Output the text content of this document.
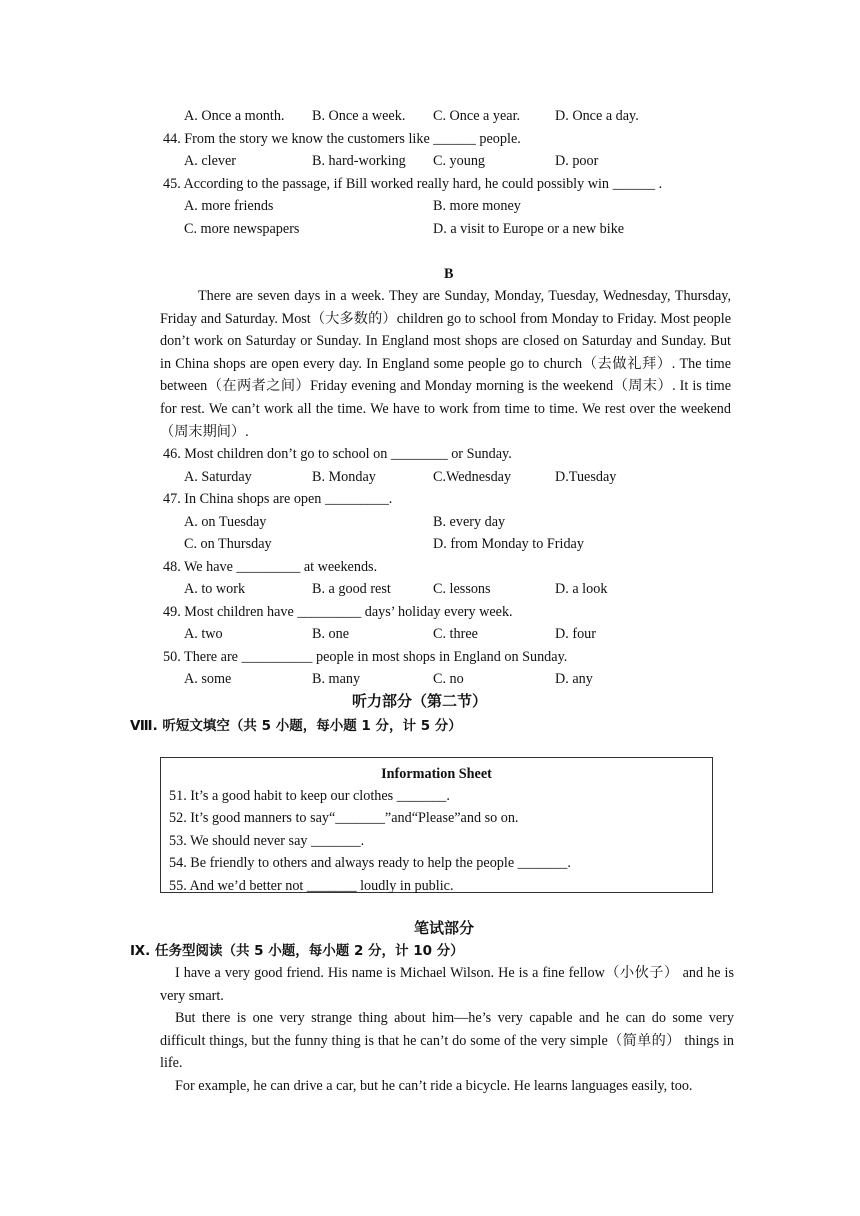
A. Once a month. B. Once a week. C. Once a year. D. Once a day.
44. From the story we know the customers like ______ people.
A. clever	B. hard-working C. young	D. poor
45. According to the passage, if Bill worked really hard, he could possibly win ______ .
A. more friends	B. more money
C. more newspapers	D. a visit to Europe or a new bike
B

There are seven days in a week. They are Sunday, Monday, Tuesday, Wednesday, Thursday, Friday and Saturday. Most（大多数的）children go to school from Monday to Friday. Most people don’t work on Saturday or Sunday. In England most shops are closed on Saturday and Sunday. But in China shops are open every day. In England some people go to church（去做礼拜）. The time between（在两者之间）Friday evening and Monday morning is the weekend（周末）. It is time for rest. We can’t work all the time. We have to work from time to time. We rest over the weekend（周末期间）.

46. Most children don’t go to school on ________ or Sunday.
A. Saturday	B. Monday	C.Wednesday	D.Tuesday
47. In China shops are open _________.
A. on Tuesday	B. every day
C. on Thursday	D. from Monday to Friday
48. We have _________ at weekends.
A. to work	B. a good rest	C. lessons	D. a look
49. Most children have _________ days’ holiday every week.
A. two	B. one	C. three	D. four
50. There are __________ people in most shops in England on Sunday.
A. some	B. many	C. no	D. any
听力部分（第二节）
Ⅷ. 听短文填空（共 5 小题，每小题 1 分，计 5 分）
Information Sheet
51. It’s a good habit to keep our clothes _______.
52. It’s good manners to say“_______”and“Please”and so on.
53. We should never say _______.
54. Be friendly to others and always ready to help the people _______.
55. And we’d better not _______ loudly in public.
笔试部分
Ⅸ. 任务型阅读（共 5 小题，每小题 2 分，计 10 分）

I have a very good friend. His name is Michael Wilson. He is a fine fellow（小伙子） and he is very smart.

But there is one very strange thing about him—he’s very capable and he can do some very difficult things, but the funny thing is that he can’t do some of the very simple（简单的） things in life.

For example, he can drive a car, but he can’t ride a bicycle. He learns languages easily, too.
